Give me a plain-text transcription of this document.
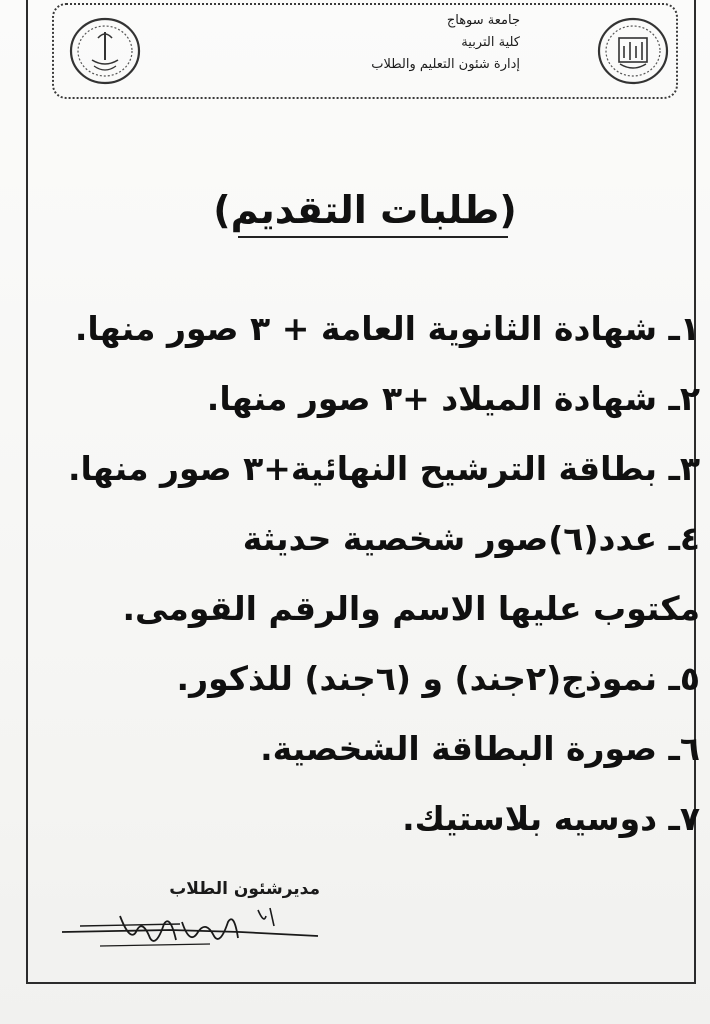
جامعة سوهاج
كلية التربية
إدارة شئون التعليم والطلاب
(طلبات التقديم)
١ـ شهادة الثانوية العامة + ٣ صور منها.
٢ـ شهادة الميلاد +٣ صور منها.
٣ـ بطاقة الترشيح النهائية+٣ صور منها.
٤ـ عدد(٦)صور شخصية حديثة
مكتوب عليها الاسم والرقم القومى.
٥ـ نموذج(٢جند) و (٦جند) للذكور.
٦ـ صورة البطاقة الشخصية.
٧ـ دوسيه بلاستيك.
مديرشئون الطلاب
